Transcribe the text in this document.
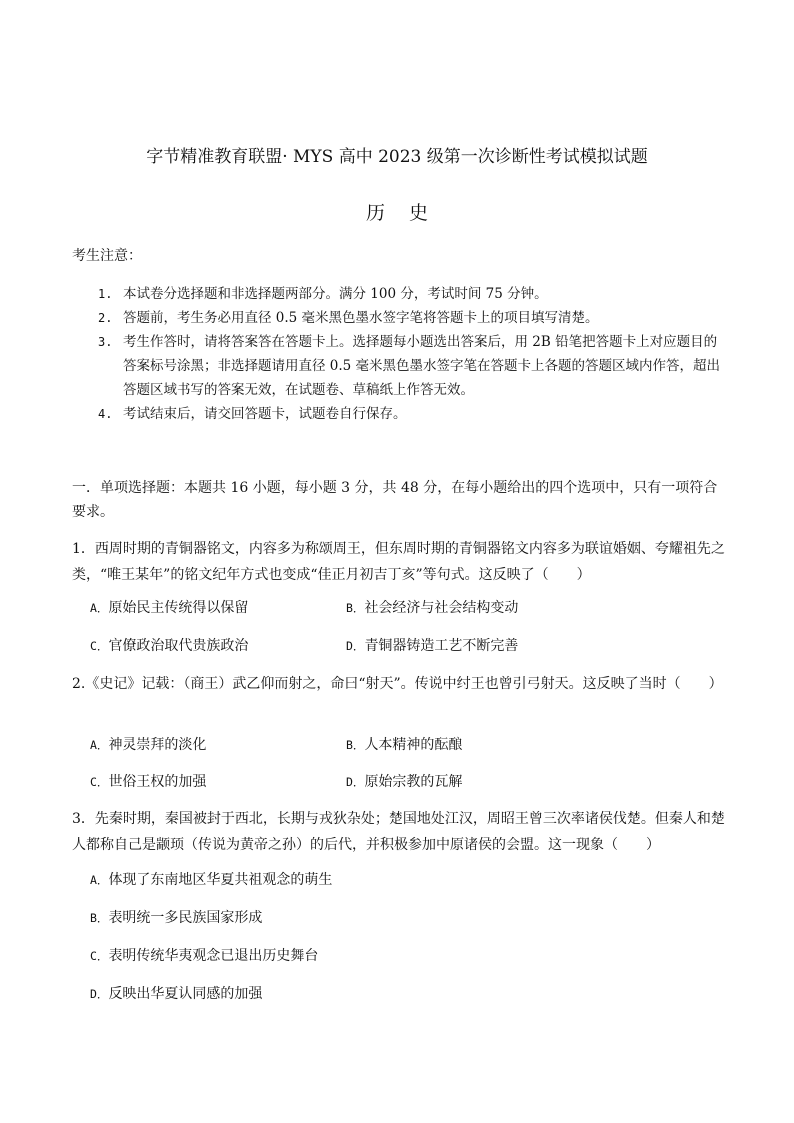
字节精准教育联盟· MYS 高中 2023 级第一次诊断性考试模拟试题
历 史
考生注意：
1. 本试卷分选择题和非选择题两部分。满分 100 分，考试时间 75 分钟。
2. 答题前，考生务必用直径 0.5 毫米黑色墨水签字笔将答题卡上的项目填写清楚。
3. 考生作答时，请将答案答在答题卡上。选择题每小题选出答案后，用 2B 铅笔把答题卡上对应题目的答案标号涂黑；非选择题请用直径 0.5 毫米黑色墨水签字笔在答题卡上各题的答题区域内作答，超出答题区域书写的答案无效，在试题卷、草稿纸上作答无效。
4. 考试结束后，请交回答题卡，试题卷自行保存。
一．单项选择题：本题共 16 小题，每小题 3 分，共 48 分，在每小题给出的四个选项中，只有一项符合要求。
1．西周时期的青铜器铭文，内容多为称颂周王，但东周时期的青铜器铭文内容多为联谊婚姻、夸耀祖先之类，“唯王某年”的铭文纪年方式也变成“佳正月初吉丁亥”等句式。这反映了（　　）
A．原始民主传统得以保留	B．社会经济与社会结构变动
C．官僚政治取代贵族政治	D．青铜器铸造工艺不断完善
2.《史记》记载：（商王）武乙仰而射之，命曰“射天”。传说中纣王也曾引弓射天。这反映了当时（　　）
A．神灵崇拜的淡化	B．人本精神的酝酿
C．世俗王权的加强	D．原始宗教的瓦解
3．先秦时期，秦国被封于西北，长期与戎狄杂处；楚国地处江汉，周昭王曾三次率诸侯伐楚。但秦人和楚人都称自己是颛顼（传说为黄帝之孙）的后代，并积极参加中原诸侯的会盟。这一现象（　　）
A．体现了东南地区华夏共祖观念的萌生
B．表明统一多民族国家形成
C．表明传统华夷观念已退出历史舞台
D．反映出华夏认同感的加强
